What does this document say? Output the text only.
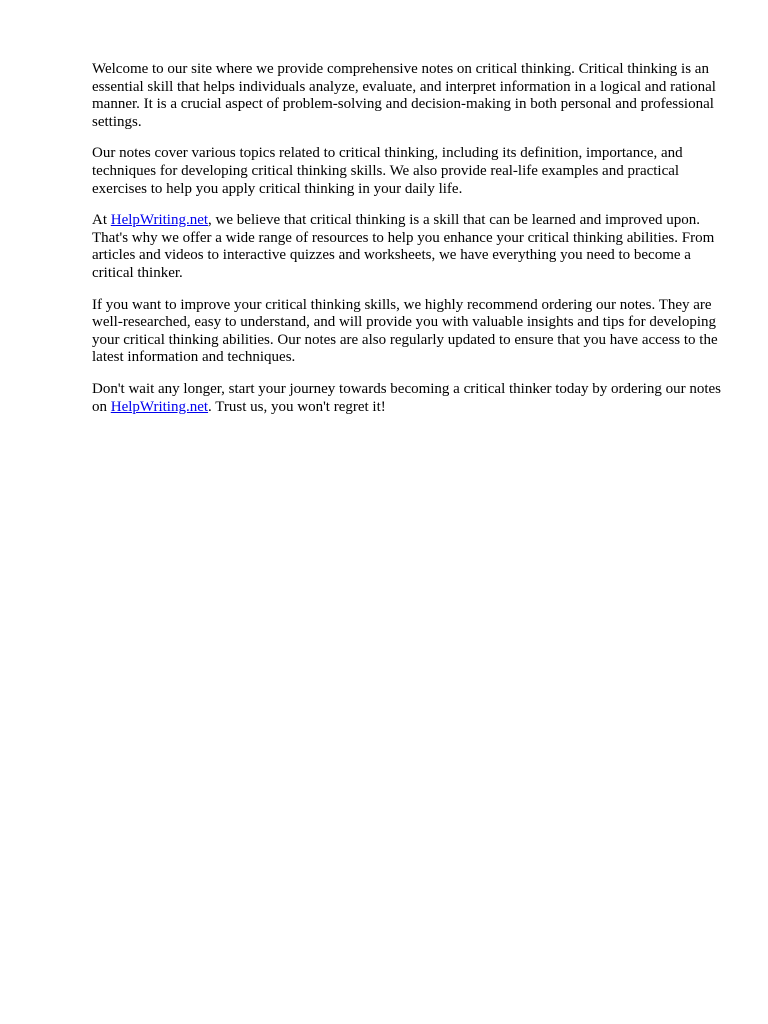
Welcome to our site where we provide comprehensive notes on critical thinking. Critical thinking is an essential skill that helps individuals analyze, evaluate, and interpret information in a logical and rational manner. It is a crucial aspect of problem-solving and decision-making in both personal and professional settings.

Our notes cover various topics related to critical thinking, including its definition, importance, and techniques for developing critical thinking skills. We also provide real-life examples and practical exercises to help you apply critical thinking in your daily life.

At HelpWriting.net, we believe that critical thinking is a skill that can be learned and improved upon. That's why we offer a wide range of resources to help you enhance your critical thinking abilities. From articles and videos to interactive quizzes and worksheets, we have everything you need to become a critical thinker.

If you want to improve your critical thinking skills, we highly recommend ordering our notes. They are well-researched, easy to understand, and will provide you with valuable insights and tips for developing your critical thinking abilities. Our notes are also regularly updated to ensure that you have access to the latest information and techniques.

Don't wait any longer, start your journey towards becoming a critical thinker today by ordering our notes on HelpWriting.net. Trust us, you won't regret it!
